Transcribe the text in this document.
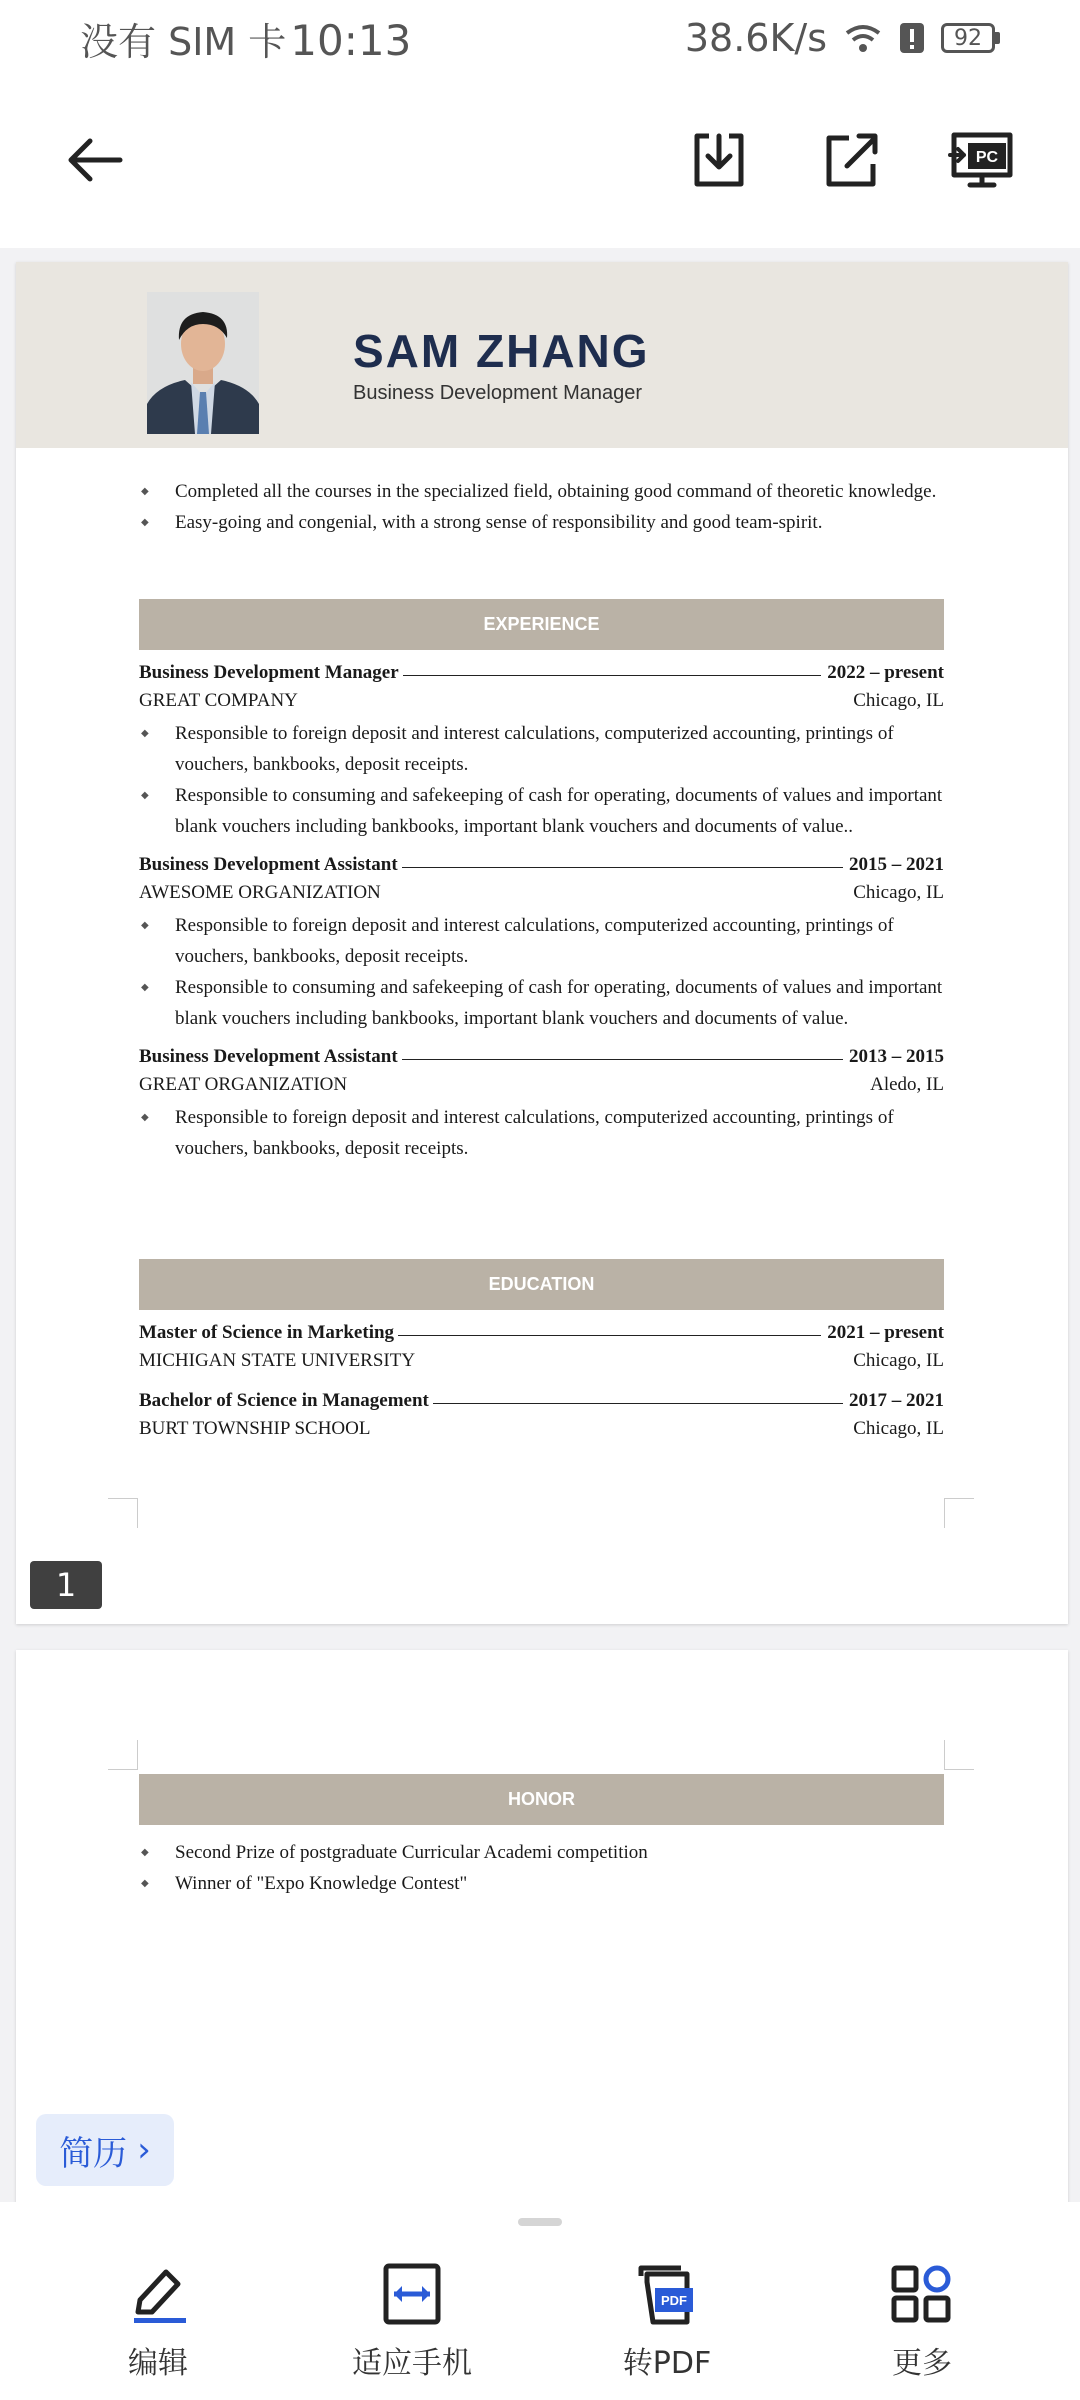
没有 SIM 卡 10:13	38.6K/s	92
PC
SAM ZHANG
Business Development Manager
◆ Completed all the courses in the specialized field, obtaining good command of theoretic knowledge.
◆ Easy-going and congenial, with a strong sense of responsibility and good team-spirit.
EXPERIENCE
Business Development Manager	2022 – present
GREAT COMPANY	Chicago, IL
◆ Responsible to foreign deposit and interest calculations, computerized accounting, printings of vouchers, bankbooks, deposit receipts.
◆ Responsible to consuming and safekeeping of cash for operating, documents of values and important blank vouchers including bankbooks, important blank vouchers and documents of value..
Business Development Assistant	2015 – 2021
AWESOME ORGANIZATION	Chicago, IL
◆ Responsible to foreign deposit and interest calculations, computerized accounting, printings of vouchers, bankbooks, deposit receipts.
◆ Responsible to consuming and safekeeping of cash for operating, documents of values and important blank vouchers including bankbooks, important blank vouchers and documents of value.
Business Development Assistant	2013 – 2015
GREAT ORGANIZATION	Aledo, IL
◆ Responsible to foreign deposit and interest calculations, computerized accounting, printings of vouchers, bankbooks, deposit receipts.
EDUCATION
Master of Science in Marketing	2021 – present
MICHIGAN STATE UNIVERSITY	Chicago, IL
Bachelor of Science in Management	2017 – 2021
BURT TOWNSHIP SCHOOL	Chicago, IL
1
HONOR
◆ Second Prize of postgraduate Curricular Academi competition
◆ Winner of "Expo Knowledge Contest"
简历 ›
编辑	适应手机
PDF
转PDF	更多
